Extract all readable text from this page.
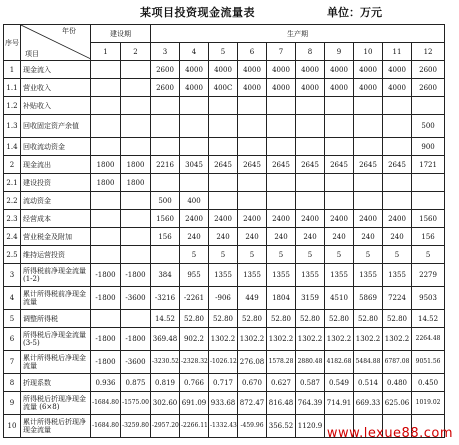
某项目投资现金流量表	单位：万元
序号	年份
项目	建设期		生产期									
		1	2	3	4	5	6	7	8	9	10	11	12
1	现金流入			2600	4000	4000	4000	4000	4000	4000	4000	4000	2600
1.1	营业收入			2600	4000	400C	4000	4000	4000	4000	4000	4000	2600
1.2	补贴收入												
1.3	回收固定资产余值												500
1.4	回收流动资金												900
2	现金流出	1800	1800	2216	3045	2645	2645	2645	2645	2645	2645	2645	1721
2.1	建设投资	1800	1800										
2.2	流动资金			500	400								
2.3	经营成本			1560	2400	2400	2400	2400	2400	2400	2400	2400	1560
2.4	营业税金及附加			156	240	240	240	240	240	240	240	240	156
2.5	维持运营投资				5	5	5	5	5	5	5	5	5
3	所得税前净现金流量 (1-2)	-1800	-1800	384	955	1355	1355	1355	1355	1355	1355	1355	2279
4	累计所得税前净现金流量	-1800	-3600	-3216	-2261	-906	449	1804	3159	4510	5869	7224	9503
5	调整所得税			14.52	52.80	52.80	52.80	52.80	52.80	52.80	52.80	52.80	14.52
6	所得税后净现金流量 (3-5)	-1800	-1800	369.48	902.2	1302.2	1302.2	1302.2	1302.2	1302.2	1302.2	1302.2	2264.48
7	累计所得税后净现金流量	-1800	-3600	-3230.52	-2328.32	-1026.12	276.08	1578.28	2880.48	4182.68	5484.88	6787.08	9051.56
8	折现系数	0.936	0.875	0.819	0.766	0.717	0.670	0.627	0.587	0.549	0.514	0.480	0.450
9	所得税后折现净现金流量 (6×8)	-1684.80	-1575.00	302.60	691.09	933.68	872.47	816.48	764.39	714.91	669.33	625.06	1019.02
10	累计所得税后折现净现金流量	-1684.80	-3259.80	-2957.20	-2266.11	-1332.43	-459.96	356.52	1120.9				www.lexue88.com
